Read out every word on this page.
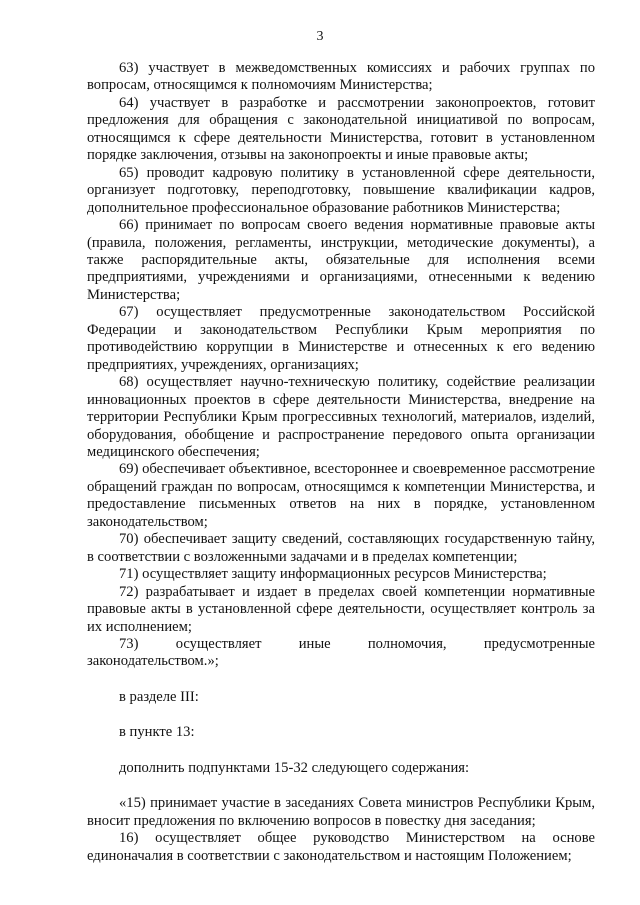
3

63) участвует в межведомственных комиссиях и рабочих группах по вопросам, относящимся к полномочиям Министерства;

64) участвует в разработке и рассмотрении законопроектов, готовит предложения для обращения с законодательной инициативой по вопросам, относящимся к сфере деятельности Министерства, готовит в установленном порядке заключения, отзывы на законопроекты и иные правовые акты;

65) проводит кадровую политику в установленной сфере деятельности, организует подготовку, переподготовку, повышение квалификации кадров, дополнительное профессиональное образование работников Министерства;

66) принимает по вопросам своего ведения нормативные правовые акты (правила, положения, регламенты, инструкции, методические документы), а также распорядительные акты, обязательные для исполнения всеми предприятиями, учреждениями и организациями, отнесенными к ведению Министерства;

67) осуществляет предусмотренные законодательством Российской Федерации и законодательством Республики Крым мероприятия по противодействию коррупции в Министерстве и отнесенных к его ведению предприятиях, учреждениях, организациях;

68) осуществляет научно-техническую политику, содействие реализации инновационных проектов в сфере деятельности Министерства, внедрение на территории Республики Крым прогрессивных технологий, материалов, изделий, оборудования, обобщение и распространение передового опыта организации медицинского обеспечения;

69) обеспечивает объективное, всестороннее и своевременное рассмотрение обращений граждан по вопросам, относящимся к компетенции Министерства, и предоставление письменных ответов на них в порядке, установленном законодательством;

70) обеспечивает защиту сведений, составляющих государственную тайну, в соответствии с возложенными задачами и в пределах компетенции;

71) осуществляет защиту информационных ресурсов Министерства;

72) разрабатывает и издает в пределах своей компетенции нормативные правовые акты в установленной сфере деятельности, осуществляет контроль за их исполнением;

73) осуществляет иные полномочия, предусмотренные законодательством.»;

в разделе III:

в пункте 13:

дополнить подпунктами 15-32 следующего содержания:

«15) принимает участие в заседаниях Совета министров Республики Крым, вносит предложения по включению вопросов в повестку дня заседания;

16) осуществляет общее руководство Министерством на основе единоначалия в соответствии с законодательством и настоящим Положением;
